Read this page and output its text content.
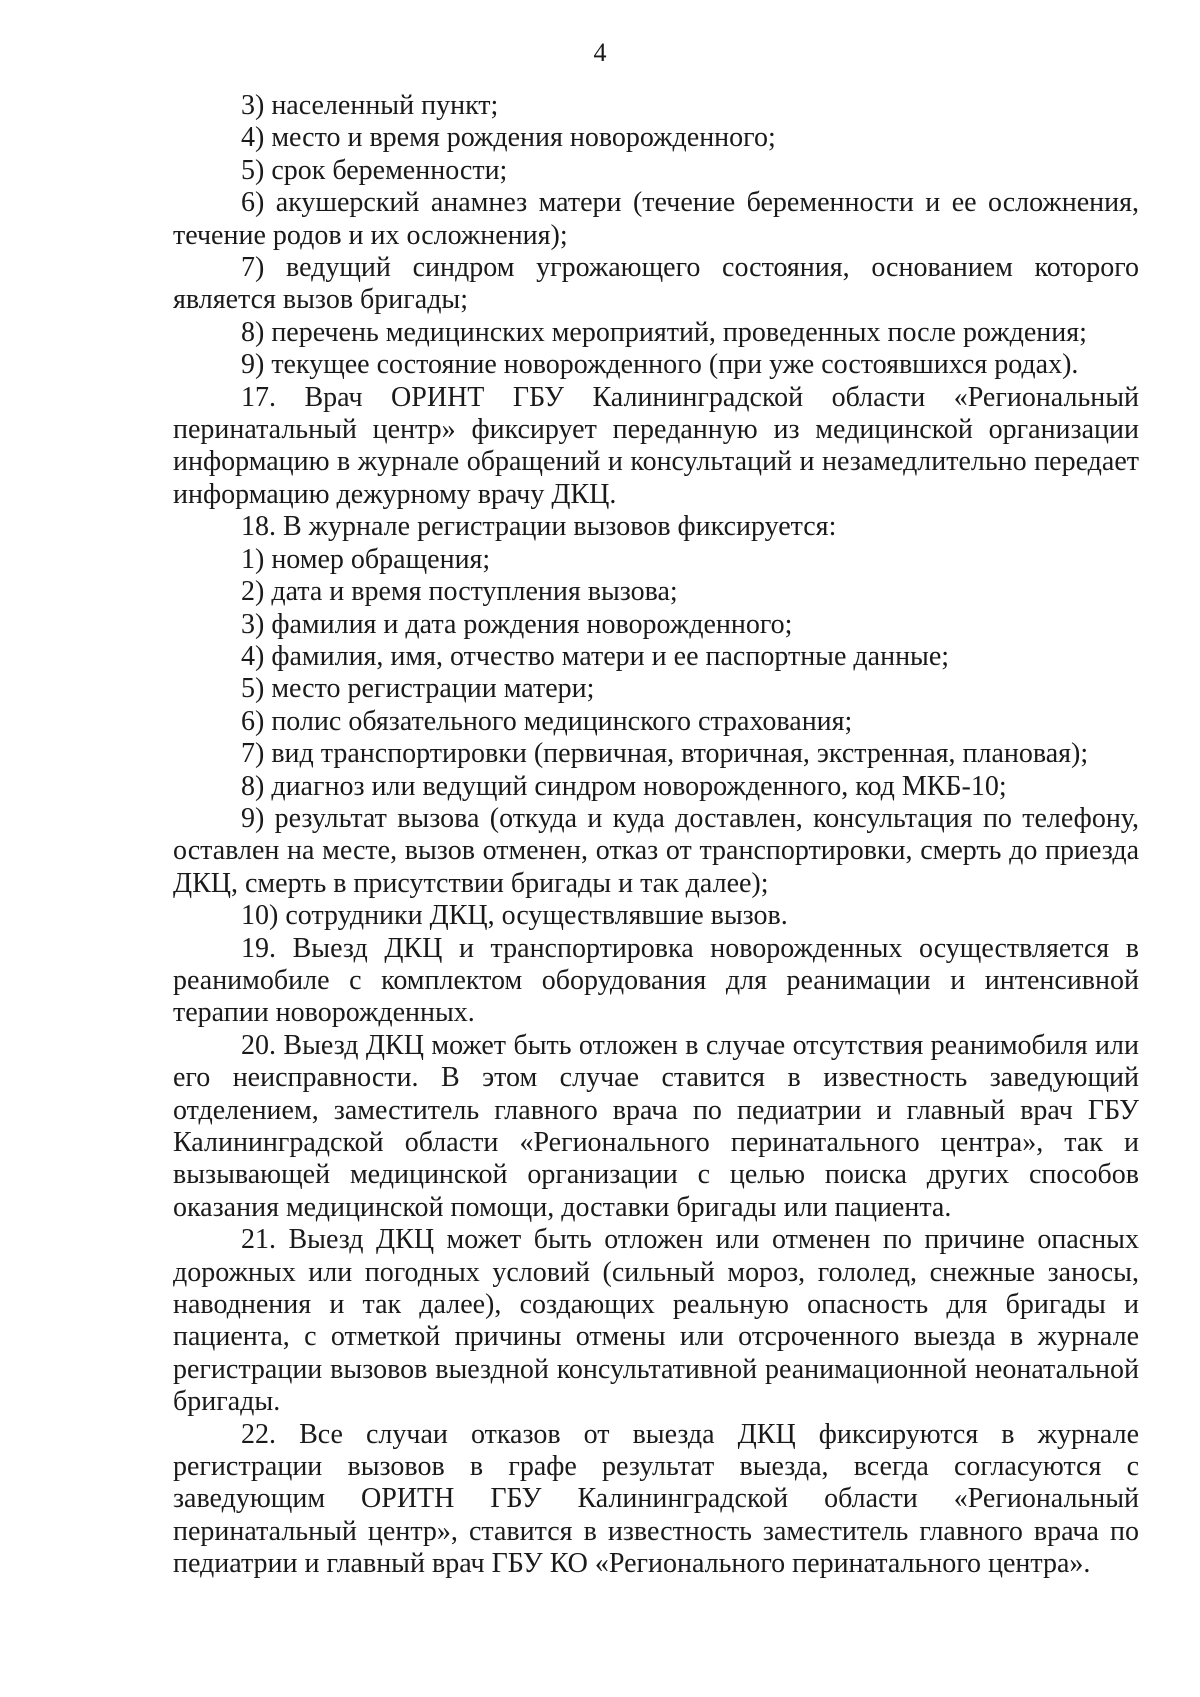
4

3) населенный пункт;

4) место и время рождения новорожденного;

5) срок беременности;

6) акушерский анамнез матери (течение беременности и ее осложнения, течение родов и их осложнения);

7) ведущий синдром угрожающего состояния, основанием которого является вызов бригады;

8) перечень медицинских мероприятий, проведенных после рождения;

9) текущее состояние новорожденного (при уже состоявшихся родах).

17. Врач ОРИНТ ГБУ Калининградской области «Региональный перинатальный центр» фиксирует переданную из медицинской организации информацию в журнале обращений и консультаций и незамедлительно передает информацию дежурному врачу ДКЦ.

18. В журнале регистрации вызовов фиксируется:

1) номер обращения;

2) дата и время поступления вызова;

3) фамилия и дата рождения новорожденного;

4) фамилия, имя, отчество матери и ее паспортные данные;

5) место регистрации матери;

6) полис обязательного медицинского страхования;

7) вид транспортировки (первичная, вторичная, экстренная, плановая);

8) диагноз или ведущий синдром новорожденного, код МКБ-10;

9) результат вызова (откуда и куда доставлен, консультация по телефону, оставлен на месте, вызов отменен, отказ от транспортировки, смерть до приезда ДКЦ, смерть в присутствии бригады и так далее);

10) сотрудники ДКЦ, осуществлявшие вызов.

19. Выезд ДКЦ и транспортировка новорожденных осуществляется в реанимобиле с комплектом оборудования для реанимации и интенсивной терапии новорожденных.

20. Выезд ДКЦ может быть отложен в случае отсутствия реанимобиля или его неисправности. В этом случае ставится в известность заведующий отделением, заместитель главного врача по педиатрии и главный врач ГБУ Калининградской области «Регионального перинатального центра», так и вызывающей медицинской организации с целью поиска других способов оказания медицинской помощи, доставки бригады или пациента.

21. Выезд ДКЦ может быть отложен или отменен по причине опасных дорожных или погодных условий (сильный мороз, гололед, снежные заносы, наводнения и так далее), создающих реальную опасность для бригады и пациента, с отметкой причины отмены или отсроченного выезда в журнале регистрации вызовов выездной консультативной реанимационной неонатальной бригады.

22. Все случаи отказов от выезда ДКЦ фиксируются в журнале регистрации вызовов в графе результат выезда, всегда согласуются с заведующим ОРИТН ГБУ Калининградской области «Региональный перинатальный центр», ставится в известность заместитель главного врача по педиатрии и главный врач ГБУ КО «Регионального перинатального центра».
